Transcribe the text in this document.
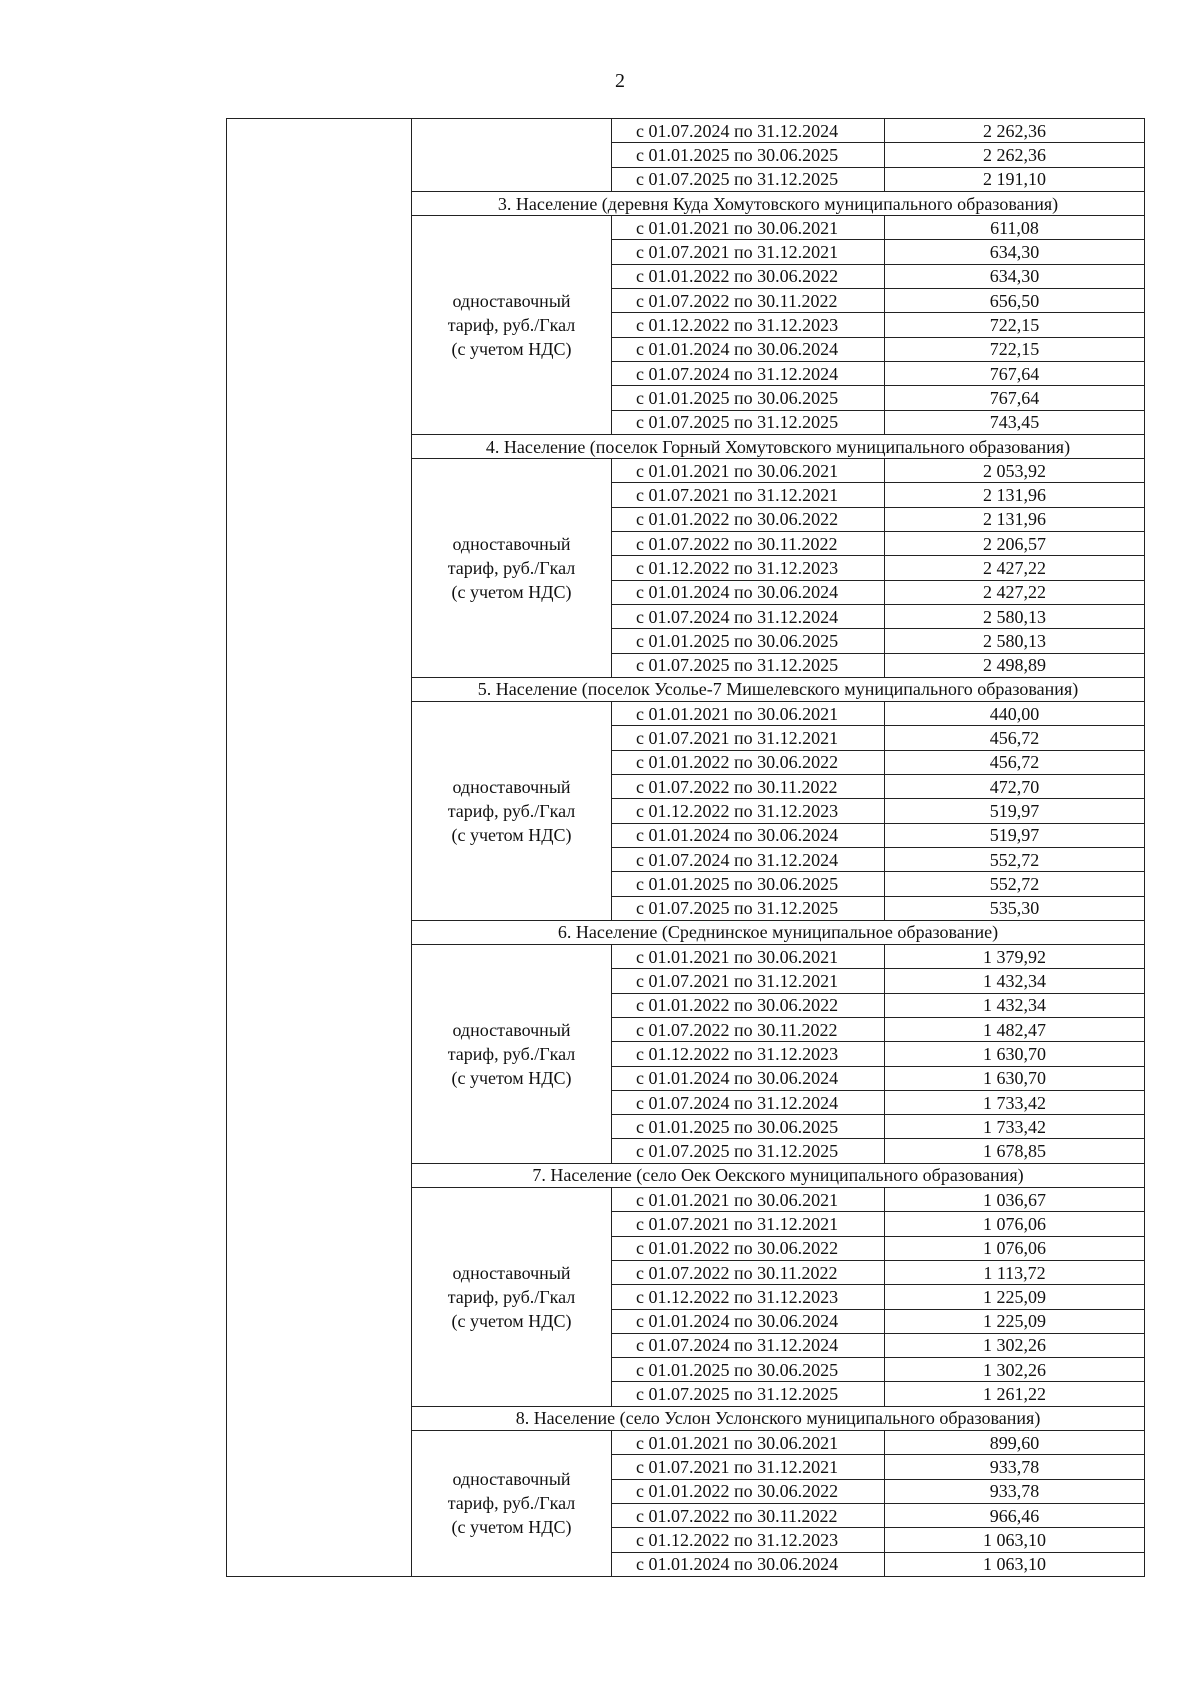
2
		с 01.07.2024 по 31.12.2024	2 262,36
		с 01.01.2025 по 30.06.2025	2 262,36
		с 01.07.2025 по 31.12.2025	2 191,10
	3. Население (деревня Куда Хомутовского муниципального образования)		

	одноставочный
тариф, руб./Гкал
(с учетом НДС)	с 01.01.2021 по 30.06.2021	611,08
		с 01.07.2021 по 31.12.2021	634,30
		с 01.01.2022 по 30.06.2022	634,30
		с 01.07.2022 по 30.11.2022	656,50
		с 01.12.2022 по 31.12.2023	722,15
		с 01.01.2024 по 30.06.2024	722,15
		с 01.07.2024 по 31.12.2024	767,64
		с 01.01.2025 по 30.06.2025	767,64
		с 01.07.2025 по 31.12.2025	743,45
	4. Население (поселок Горный Хомутовского муниципального образования)		

	одноставочный
тариф, руб./Гкал
(с учетом НДС)	с 01.01.2021 по 30.06.2021	2 053,92
		с 01.07.2021 по 31.12.2021	2 131,96
		с 01.01.2022 по 30.06.2022	2 131,96
		с 01.07.2022 по 30.11.2022	2 206,57
		с 01.12.2022 по 31.12.2023	2 427,22
		с 01.01.2024 по 30.06.2024	2 427,22
		с 01.07.2024 по 31.12.2024	2 580,13
		с 01.01.2025 по 30.06.2025	2 580,13
		с 01.07.2025 по 31.12.2025	2 498,89
	5. Население (поселок Усолье-7 Мишелевского муниципального образования)		

	одноставочный
тариф, руб./Гкал
(с учетом НДС)	с 01.01.2021 по 30.06.2021	440,00
		с 01.07.2021 по 31.12.2021	456,72
		с 01.01.2022 по 30.06.2022	456,72
		с 01.07.2022 по 30.11.2022	472,70
		с 01.12.2022 по 31.12.2023	519,97
		с 01.01.2024 по 30.06.2024	519,97
		с 01.07.2024 по 31.12.2024	552,72
		с 01.01.2025 по 30.06.2025	552,72
		с 01.07.2025 по 31.12.2025	535,30
	6. Население (Среднинское муниципальное образование)		

	одноставочный
тариф, руб./Гкал
(с учетом НДС)	с 01.01.2021 по 30.06.2021	1 379,92
		с 01.07.2021 по 31.12.2021	1 432,34
		с 01.01.2022 по 30.06.2022	1 432,34
		с 01.07.2022 по 30.11.2022	1 482,47
		с 01.12.2022 по 31.12.2023	1 630,70
		с 01.01.2024 по 30.06.2024	1 630,70
		с 01.07.2024 по 31.12.2024	1 733,42
		с 01.01.2025 по 30.06.2025	1 733,42
		с 01.07.2025 по 31.12.2025	1 678,85
	7. Население (село Оек Оекского муниципального образования)		

	одноставочный
тариф, руб./Гкал
(с учетом НДС)	с 01.01.2021 по 30.06.2021	1 036,67
		с 01.07.2021 по 31.12.2021	1 076,06
		с 01.01.2022 по 30.06.2022	1 076,06
		с 01.07.2022 по 30.11.2022	1 113,72
		с 01.12.2022 по 31.12.2023	1 225,09
		с 01.01.2024 по 30.06.2024	1 225,09
		с 01.07.2024 по 31.12.2024	1 302,26
		с 01.01.2025 по 30.06.2025	1 302,26
		с 01.07.2025 по 31.12.2025	1 261,22
	8. Население (село Услон Услонского муниципального образования)		

	одноставочный
тариф, руб./Гкал
(с учетом НДС)	с 01.01.2021 по 30.06.2021	899,60
		с 01.07.2021 по 31.12.2021	933,78
		с 01.01.2022 по 30.06.2022	933,78
		с 01.07.2022 по 30.11.2022	966,46
		с 01.12.2022 по 31.12.2023	1 063,10
		с 01.01.2024 по 30.06.2024	1 063,10
